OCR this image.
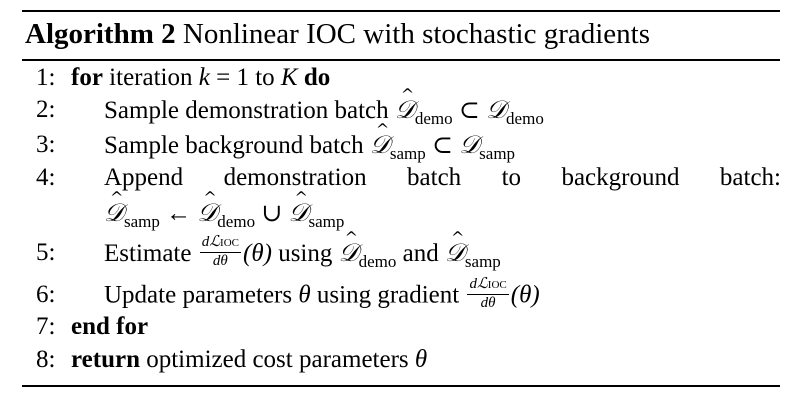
Algorithm 2 Nonlinear IOC with stochastic gradients
1: for iteration k = 1 to K do
2: Sample demonstration batch ^ 𝒟$_{demo}$ ⊂ 𝒟$_{demo}$
3: Sample background batch ^ 𝒟$_{samp}$ ⊂ 𝒟$_{samp}$
4: Append demonstration batch to background batch:
^ 𝒟$_{samp}$ ← ^ 𝒟$_{demo}$ ∪ ^ 𝒟$_{samp}$
5: Estimate $\frac{\text{dℒIOC}}{d\theta} (\theta)$ using ^ 𝒟$_{demo}$ and ^ 𝒟$_{samp}$
6: Update parameters θ using gradient $\frac{\text{dℒIOC}}{d\theta} (\theta)$
7: end for
8: return optimized cost parameters θ
